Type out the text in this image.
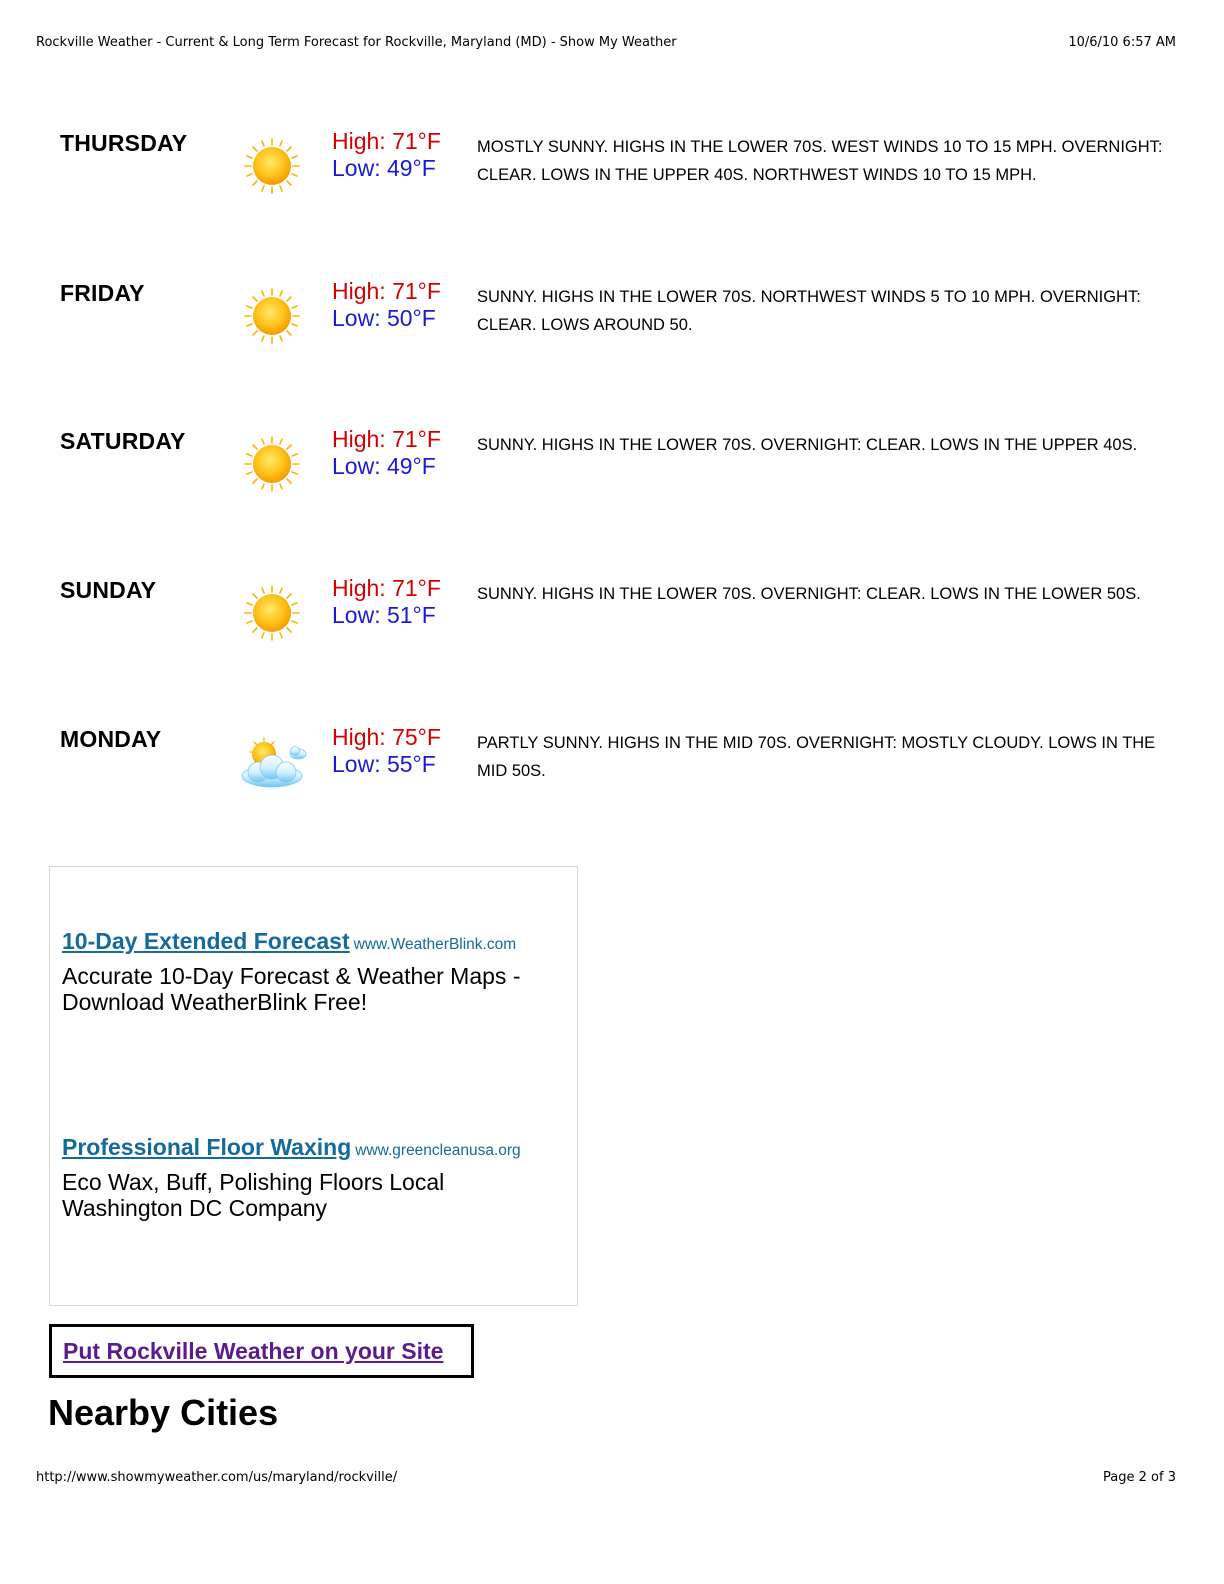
Rockville Weather - Current & Long Term Forecast for Rockville, Maryland (MD) - Show My Weather	10/6/10 6:57 AM
THURSDAY	High: 71°F
Low: 49°F
MOSTLY SUNNY. HIGHS IN THE LOWER 70S. WEST WINDS 10 TO 15 MPH. OVERNIGHT: CLEAR. LOWS IN THE UPPER 40S. NORTHWEST WINDS 10 TO 15 MPH.
FRIDAY	High: 71°F
Low: 50°F
SUNNY. HIGHS IN THE LOWER 70S. NORTHWEST WINDS 5 TO 10 MPH. OVERNIGHT: CLEAR. LOWS AROUND 50.
SATURDAY	High: 71°F
Low: 49°F
SUNNY. HIGHS IN THE LOWER 70S. OVERNIGHT: CLEAR. LOWS IN THE UPPER 40S.
SUNDAY	High: 71°F
Low: 51°F
SUNNY. HIGHS IN THE LOWER 70S. OVERNIGHT: CLEAR. LOWS IN THE LOWER 50S.
MONDAY	High: 75°F
Low: 55°F
PARTLY SUNNY. HIGHS IN THE MID 70S. OVERNIGHT: MOSTLY CLOUDY. LOWS IN THE MID 50S.
10-Day Extended Forecast www.WeatherBlink.com
Accurate 10-Day Forecast & Weather Maps - Download WeatherBlink Free!
Professional Floor Waxing www.greencleanusa.org
Eco Wax, Buff, Polishing Floors Local Washington DC Company
Put Rockville Weather on your Site
Nearby Cities
http://www.showmyweather.com/us/maryland/rockville/	Page 2 of 3
